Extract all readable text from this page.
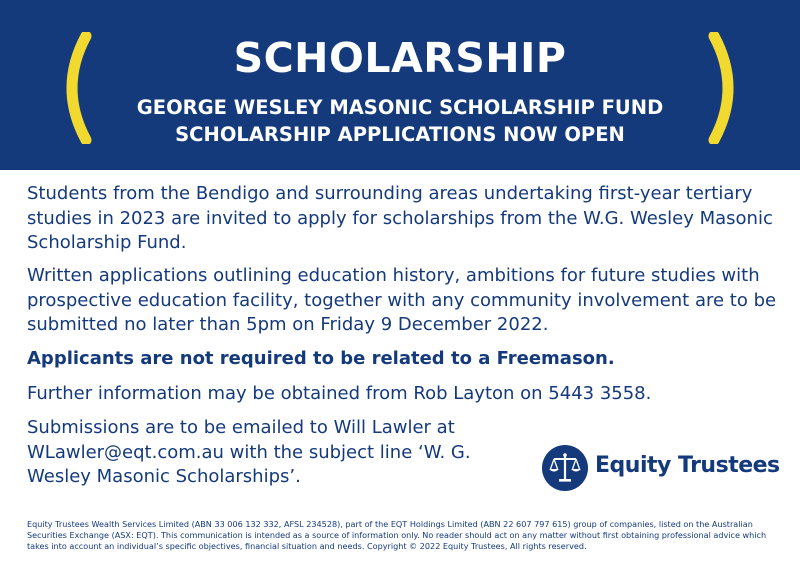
SCHOLARSHIP
GEORGE WESLEY MASONIC SCHOLARSHIP FUND
SCHOLARSHIP APPLICATIONS NOW OPEN

Students from the Bendigo and surrounding areas undertaking first-year tertiary studies in 2023 are invited to apply for scholarships from the W.G. Wesley Masonic Scholarship Fund.

Written applications outlining education history, ambitions for future studies with prospective education facility, together with any community involvement are to be submitted no later than 5pm on Friday 9 December 2022.

Applicants are not required to be related to a Freemason.

Further information may be obtained from Rob Layton on 5443 3558.

Submissions are to be emailed to Will Lawler at WLawler@eqt.com.au with the subject line ‘W. G. Wesley Masonic Scholarships’.	Equity Trustees

Equity Trustees Wealth Services Limited (ABN 33 006 132 332, AFSL 234528), part of the EQT Holdings Limited (ABN 22 607 797 615) group of companies, listed on the Australian Securities Exchange (ASX: EQT). This communication is intended as a source of information only. No reader should act on any matter without first obtaining professional advice which takes into account an individual’s specific objectives, financial situation and needs. Copyright © 2022 Equity Trustees, All rights reserved.
